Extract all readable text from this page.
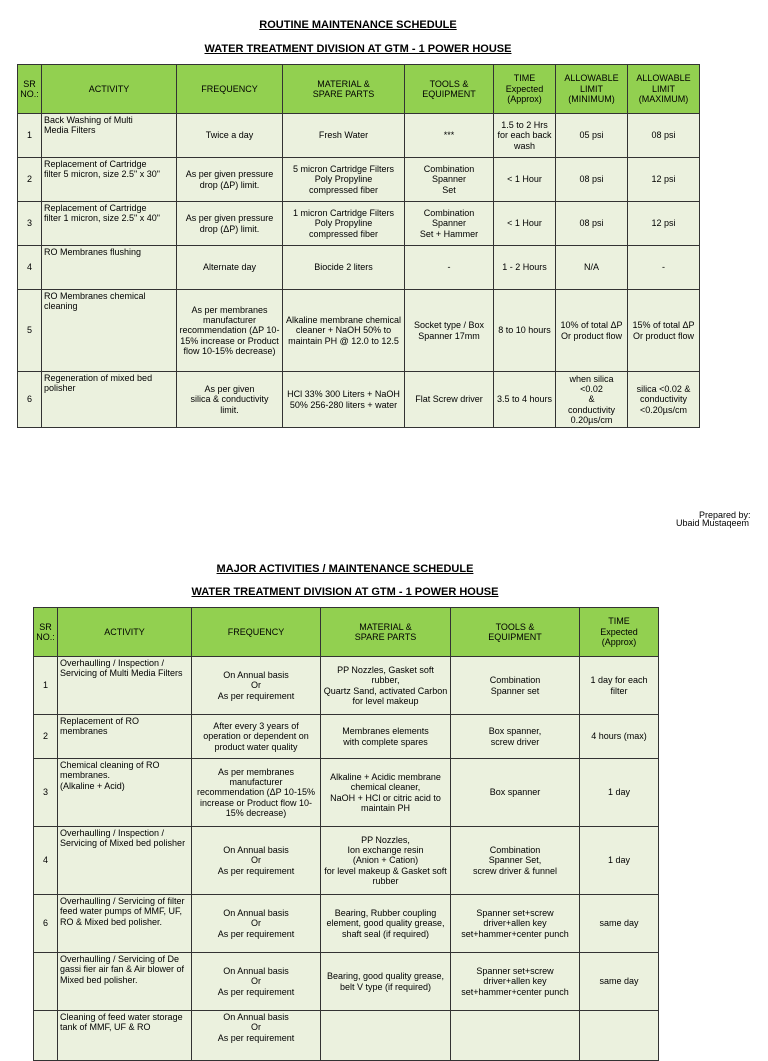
ROUTINE MAINTENANCE SCHEDULE
WATER TREATMENT DIVISION AT GTM - 1 POWER HOUSE
SR
NO.:	ACTIVITY	FREQUENCY	MATERIAL &
SPARE PARTS	TOOLS &
EQUIPMENT	TIME
Expected
(Approx)	ALLOWABLE
LIMIT
(MINIMUM)	ALLOWABLE
LIMIT
(MAXIMUM)
1	Back Washing of Multi
Media Filters	Twice a day	Fresh Water	***	1.5 to 2 Hrs
for each back
wash	05 psi	08 psi
2	Replacement of Cartridge
filter 5 micron, size 2.5" x 30"	As per given pressure
drop (ΔP) limit.	5 micron Cartridge Filters
Poly Propyline
compressed fiber	Combination
Spanner
Set	< 1 Hour	08 psi	12 psi
3	Replacement of Cartridge
filter 1 micron, size 2.5" x 40"	As per given pressure
drop (ΔP) limit.	1 micron Cartridge Filters
Poly Propyline
compressed fiber	Combination
Spanner
Set + Hammer	< 1 Hour	08 psi	12 psi
4	RO Membranes flushing	Alternate day	Biocide 2 liters	-	1 - 2 Hours	N/A	-
5	RO Membranes chemical
cleaning	As per membranes
manufacturer
recommendation (ΔP 10-
15% increase or Product
flow 10-15% decrease)	Alkaline membrane chemical
cleaner + NaOH 50% to
maintain PH @ 12.0 to 12.5	Socket type / Box
Spanner 17mm	8 to 10 hours	10% of total ΔP
Or product flow	15% of total ΔP
Or product flow
6	Regeneration of mixed bed
polisher	As per given
silica & conductivity
limit.	HCl 33% 300 Liters + NaOH
50% 256-280 liters + water	Flat Screw driver	3.5 to 4 hours	when silica <0.02
&
conductivity
0.20µs/cm	silica <0.02 &
conductivity
<0.20µs/cm
Prepared by:
Ubaid Mustaqeem
MAJOR ACTIVITIES / MAINTENANCE SCHEDULE
WATER TREATMENT DIVISION AT GTM - 1 POWER HOUSE
SR
NO.:	ACTIVITY	FREQUENCY	MATERIAL &
SPARE PARTS	TOOLS &
EQUIPMENT	TIME
Expected
(Approx)
1	Overhaulling / Inspection /
Servicing of Multi Media Filters	On Annual basis
Or
As per requirement	PP Nozzles, Gasket soft rubber,
Quartz Sand, activated Carbon
for level makeup	Combination
Spanner set	1 day for each
filter
2	Replacement of RO membranes	After every 3 years of
operation or dependent on
product water quality	Membranes elements
with complete spares	Box spanner,
screw driver	4 hours (max)
3	Chemical cleaning of RO
membranes.
(Alkaline + Acid)	As per membranes
manufacturer
recommendation (ΔP 10-15%
increase or Product flow 10-
15% decrease)	Alkaline + Acidic membrane
chemical cleaner,
NaOH + HCl or citric acid to
maintain PH	Box spanner	1 day
4	Overhaulling / Inspection /
Servicing of Mixed bed polisher	On Annual basis
Or
As per requirement	PP Nozzles,
Ion exchange resin
(Anion + Cation)
for level makeup & Gasket soft
rubber	Combination
Spanner Set,
screw driver & funnel	1 day
6	Overhaulling / Servicing of filter
feed water pumps of MMF, UF,
RO & Mixed bed polisher.	On Annual basis
Or
As per requirement	Bearing, Rubber coupling
element, good quality grease,
shaft seal (if required)	Spanner set+screw
driver+allen key
set+hammer+center punch	same day
	Overhaulling / Servicing of De
gassi fier air fan & Air blower of
Mixed bed polisher.	On Annual basis
Or
As per requirement	Bearing, good quality grease,
belt V type (if required)	Spanner set+screw
driver+allen key
set+hammer+center punch	same day
	Cleaning of feed water storage
tank of MMF, UF & RO	On Annual basis
Or
As per requirement			
